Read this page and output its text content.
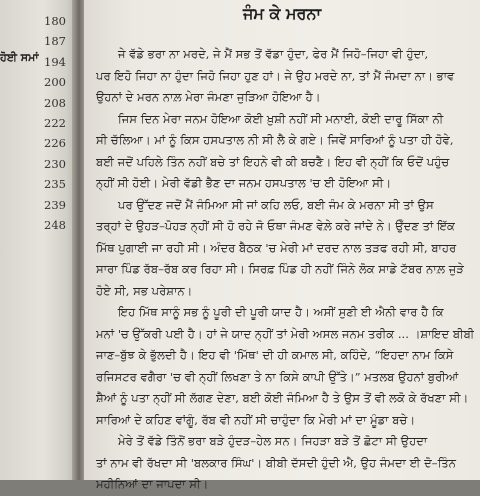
180
187
ਹੋਈ ਸਮਾਂ 194
200
208
222
226
230
235
239
248
ਜੰਮ ਕੇ ਮਰਨਾ
ਜੇ ਵੱਡੇ ਭਰਾ ਨਾ ਮਰਦੇ, ਜੇ ਮੈਂ ਸਭ ਤੋਂ ਵੱਡਾ ਹੁੰਦਾ, ਫੇਰ ਮੈਂ ਜਿਹੋ–ਜਿਹਾ ਵੀ ਹੁੰਦਾ,
ਪਰ ਇਹੋ ਜਿਹਾ ਨਾ ਹੁੰਦਾ ਜਿਹੋ ਜਿਹਾ ਹੁਣ ਹਾਂ। ਜੇ ਉਹ ਮਰਦੇ ਨਾ, ਤਾਂ ਮੈਂ ਜੰਮਦਾ ਨਾ। ਭਾਵ
ਉਹਨਾਂ ਦੇ ਮਰਨ ਨਾਲ਼ ਮੇਰਾ ਜੰਮਣਾ ਜੁੜਿਆ ਹੋਇਆ ਹੈ।
ਜਿਸ ਦਿਨ ਮੇਰਾ ਜਨਮ ਹੋਇਆ ਕੋਈ ਖ਼ੁਸ਼ੀ ਨਹੀਂ ਸੀ ਮਨਾਈ, ਕੋਈ ਦਾਰੂ ਸਿੱਕਾ ਨੀ
ਸੀ ਚੱਲਿਆ। ਮਾਂ ਨੂੰ ਕਿਸ ਹਸਪਤਾਲ ਨੀ ਸੀ ਲੈ ਕੇ ਗਏ। ਜਿਵੇਂ ਸਾਰਿਆਂ ਨੂੰ ਪਤਾ ਹੀ ਹੋਵੇ,
ਬਈ ਜਦੋਂ ਪਹਿਲੇ ਤਿੰਨ ਨਹੀਂ ਬਚੇ ਤਾਂ ਇਹਨੇ ਵੀ ਕੀ ਬਚਣੈ। ਇਹ ਵੀ ਨ੍ਹੀਂ ਕਿ ਓਦੋਂ ਪਹੁੰਚ
ਨ੍ਹੀਂ ਸੀ ਹੋਈ। ਮੇਰੀ ਵੱਡੀ ਭੈਣ ਦਾ ਜਨਮ ਹਸਪਤਾਲ 'ਚ ਈ ਹੋਇਆ ਸੀ।
ਪਰ ਉੱਦਣ ਜਦੋਂ ਮੈਂ ਜੰਮਿਆ ਸੀ ਜਾਂ ਕਹਿ ਲਓ, ਬਈ ਜੰਮ ਕੇ ਮਰਨਾ ਸੀ ਤਾਂ ਉਸ
ਤਰ੍ਹਾਂ ਦੇ ਉਹੜ–ਪੋਹੜ ਨ੍ਹੀਂ ਸੀ ਹੋ ਰਹੇ ਜੋ ਓਥਾ ਜੰਮਣ ਵੇਲ਼ੇ ਕਰੇ ਜਾਂਦੇ ਨੇ। ਓੁੱਦਣ ਤਾਂ ਇੱਕ
ਮਿੱਥ ਪੁਗਾਈ ਜਾ ਰਹੀ ਸੀ। ਅੰਦਰ ਬੈਠਕ 'ਚ ਮੇਰੀ ਮਾਂ ਦਰਦ ਨਾਲ ਤੜਫ ਰਹੀ ਸੀ, ਬਾਹਰ
ਸਾਰਾ ਪਿੰਡ ਰੱਬ–ਰੱਬ ਕਰ ਰਿਹਾ ਸੀ। ਸਿਰਫ਼ ਪਿੰਡ ਹੀ ਨਹੀਂ ਜਿੰਨੇ ਲੋਕ ਸਾਡੇ ਟੱਬਰ ਨਾਲ਼ ਜੁੜੇ
ਹੋਏ ਸੀ, ਸਭ ਪਰੇਸ਼ਾਨ।
ਇਹ ਮਿੱਥ ਸਾਨੂੰ ਸਭ ਨੂੰ ਪੂਰੀ ਦੀ ਪੂਰੀ ਯਾਦ ਹੈ। ਅਸੀਂ ਸੁਣੀ ਈ ਐਨੀ ਵਾਰ ਹੈ ਕਿ
ਮਨਾਂ 'ਚ ਉੱਕਰੀ ਪਈ ਹੈ। ਹਾਂ ਜੇ ਯਾਦ ਨ੍ਹੀਂ ਤਾਂ ਮੇਰੀ ਅਸਲ ਜਨਮ ਤਰੀਕ ... ।ਸ਼ਾਇਦ ਬੀਬੀ
ਜਾਣ–ਬੁੱਝ ਕੇ ਭੁੱਲਦੀ ਹੈ। ਇਹ ਵੀ 'ਮਿੱਥ' ਦੀ ਹੀ ਕਮਾਲ ਸੀ, ਕਹਿੰਦੇ, “ਇਹਦਾ ਨਾਮ ਕਿਸੇ
ਰਜਿਸਟਰ ਵਗੈਰਾ 'ਚ ਵੀ ਨ੍ਹੀਂ ਲਿਖਣਾ ਤੇ ਨਾ ਕਿਸੇ ਕਾਪੀ ਉੱਤੇ।” ਮਤਲਬ ਉਹਨਾਂ ਬੁਰੀਆਂ
ਸ਼ੈਆਂ ਨੂੰ ਪਤਾ ਨ੍ਹੀਂ ਸੀ ਲੱਗਣ ਦੇਣਾ, ਬਈ ਕੋਈ ਜੰਮਿਆ ਹੈ ਤੇ ਉਸ ਤੋਂ ਵੀ ਲਕੋ ਕੇ ਰੱਖਣਾ ਸੀ।
ਸਾਰਿਆਂ ਦੇ ਕਹਿਣ ਵਾਂਗੂੰ, ਰੱਬ ਵੀ ਨਹੀਂ ਸੀ ਚਾਹੁੰਦਾ ਕਿ ਮੇਰੀ ਮਾਂ ਦਾ ਮੂੰਡਾ ਬਚੇ।
ਮੇਰੇ ਤੋਂ ਵੱਡੇ ਤਿੰਨੋਂ ਭਰਾ ਬੜੇ ਹੁੰਦੜ–ਹੇਲ ਸਨ। ਜਿਹੜਾ ਬੜੇ ਤੋਂ ਛੋਟਾ ਸੀ ਉਹਦਾ
ਤਾਂ ਨਾਮ ਵੀ ਰੱਖਦਾ ਸੀ 'ਬਲਕਾਰ ਸਿੰਘ'। ਬੀਬੀ ਦੱਸਦੀ ਹੁੰਦੀ ਐ, ਉਹ ਜੰਮਦਾ ਈ ਦੋ–ਤਿੰਨ
ਮਹੀਨਿਆਂ ਦਾ ਜਾਪਦਾ ਸੀ।
